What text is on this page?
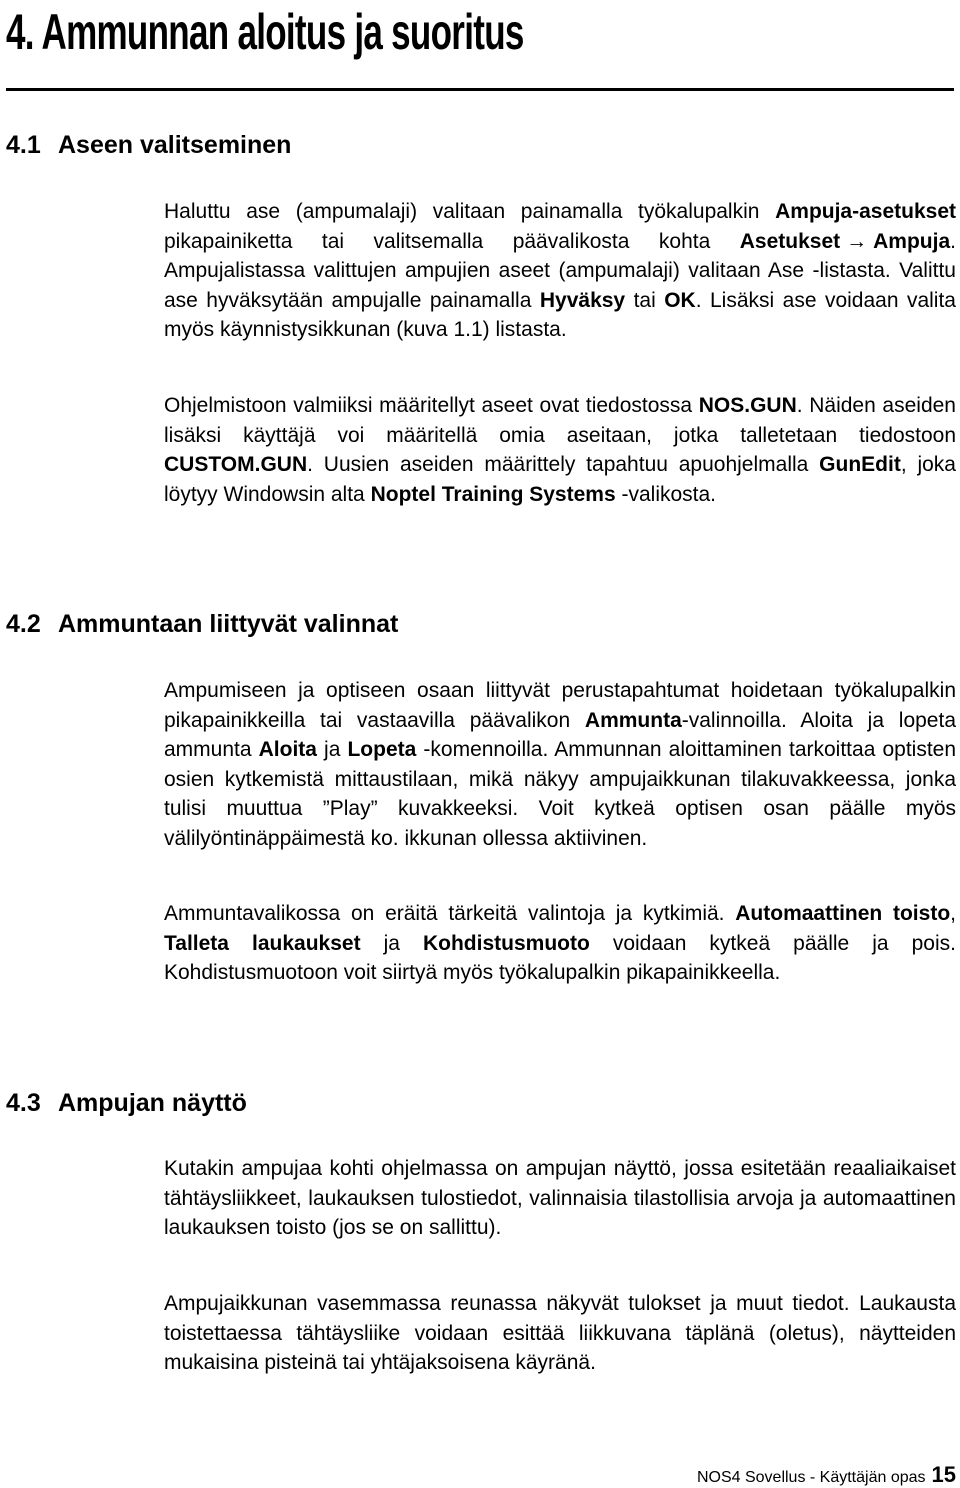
4. Ammunnan aloitus ja suoritus
4.1 Aseen valitseminen

Haluttu ase (ampumalaji) valitaan painamalla työkalupalkin Ampuja-asetukset pikapainiketta tai valitsemalla päävalikosta kohta Asetukset → Ampuja. Ampujalistassa valittujen ampujien aseet (ampumalaji) valitaan Ase -listasta. Valittu ase hyväksytään ampujalle painamalla Hyväksy tai OK. Lisäksi ase voidaan valita myös käynnistysikkunan (kuva 1.1) listasta.

Ohjelmistoon valmiiksi määritellyt aseet ovat tiedostossa NOS.GUN. Näiden aseiden lisäksi käyttäjä voi määritellä omia aseitaan, jotka talletetaan tiedostoon CUSTOM.GUN. Uusien aseiden määrittely tapahtuu apuohjelmalla GunEdit, joka löytyy Windowsin alta Noptel Training Systems -valikosta.

4.2 Ammuntaan liittyvät valinnat

Ampumiseen ja optiseen osaan liittyvät perustapahtumat hoidetaan työkalupalkin pikapainikkeilla tai vastaavilla päävalikon Ammunta-valinnoilla. Aloita ja lopeta ammunta Aloita ja Lopeta -komennoilla. Ammunnan aloittaminen tarkoittaa optisten osien kytkemistä mittaustilaan, mikä näkyy ampujaikkunan tilakuvakkeessa, jonka tulisi muuttua ”Play” kuvakkeeksi. Voit kytkeä optisen osan päälle myös välilyöntinäppäimestä ko. ikkunan ollessa aktiivinen.

Ammuntavalikossa on eräitä tärkeitä valintoja ja kytkimiä. Automaattinen toisto, Talleta laukaukset ja Kohdistusmuoto voidaan kytkeä päälle ja pois. Kohdistusmuotoon voit siirtyä myös työkalupalkin pikapainikkeella.

4.3 Ampujan näyttö

Kutakin ampujaa kohti ohjelmassa on ampujan näyttö, jossa esitetään reaaliaikaiset tähtäysliikkeet, laukauksen tulostiedot, valinnaisia tilastollisia arvoja ja automaattinen laukauksen toisto (jos se on sallittu).

Ampujaikkunan vasemmassa reunassa näkyvät tulokset ja muut tiedot. Laukausta toistettaessa tähtäysliike voidaan esittää liikkuvana täplänä (oletus), näytteiden mukaisina pisteinä tai yhtäjaksoisena käyränä.

NOS4 Sovellus - Käyttäjän opas 15
